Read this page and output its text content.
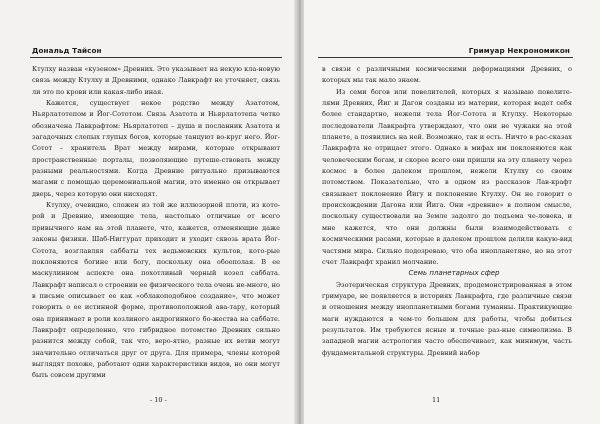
Дональд Тайсон

Ктулху назван «кузеном» Древних. Это указывает на некую кла-новую связь между Ктулху и Древними, однако Лавкрафт не уточняет, связь ли это по крови или какая-либо иная.

Кажется, существует некое родство между Азатотом, Ньярлатотепом и Йог-Сототом. Связь Азатота и Ньярлатотепа четко обозначена Лавкрафтом: Ньярлатотеп – душа и посланник Азатота и загадочных слепых глупых богов, которые танцуют во-круг него. Йог-Сотот – хранитель Врат между мирами, которые открывают пространственные порталы, позволяющие путеше-ствовать между разными реальностями. Когда Древние ритуально призываются магами с помощью церемониальной магии, это именно он открывает дверь, через которую они нисходят.

Ктулху, очевидно, сложен из той же иллюзорной плоти, из кото-рой и Древние, имеющие тела, настолько отличные от всего привычного нам на этой планете, что, кажется, отменяющие даже законы физики. Шаб-Ниггурат приходит и уходит сквозь врата Йог-Сотота, возглавляя саббаты тех ведьмовских культов, кото-рые поклоняются богине или богу, поскольку она обоеполая. В ее маскулинном аспекте она похотливый черный козел саббата. Лавкрафт написал о строении ее физического тела очень не-много, но в письме описывает ее как «облакоподобное создание», что может говорить о ее истинной форме, противоположной ава-тару, который она принимает в роли козлиного андрогинного бо-жества на саббате. Лавкрафт определенно, что гибридное потомство Древних сильно разнится между собой, так что, веро-ятно, разные их ветви могут значительно отличаться друг от друга. Для примера, члены которой выглядят похоже, работают одни характеристики видов, но они могут быть совсем другими

- 10 -
Гримуар Некрономикон

в связи с различными космическими деформациями Древних, о которых мы так мало знаем.

Из семи богов или повелителей, которых я называю повелите-лями Древних, Йиг и Дагон созданы из материи, которая ведет себя более стандартно, нежели тела Йог-Сотота и Ктулху. Некоторые последователи Лавкрафта утверждают, что они не чужаки на этой планете, а появились на ней. Возможно, так и есть. Ничто в рас-сказах Лавкрафта не отрицает этого. Однако в мифах им поклоняются как человеческим богам, и скорее всего они пришли на эту планету через космос в более далеком прошлом, нежели Ктулху со своим потомством. Показательно, что в одном из рассказов Лав-крафт связывает поклонение Йигу и поклонение Ктулху. Он не говорит о происхождении Дагона или Йига. Они «древние» в полном смысле, поскольку существовали на Земле задолго до подъема че-ловека, и мне кажется, что они должны были взаимодействовать с космическими расами, которые в далеком прошлом делили какую-вид частями мира. Сильно подозреваю, что оба инопланетяне, но на этот счет Лавкрафт хранил молчание.

Семь планетарных сфер

Эзотерическая структура Древних, продемонстрированная в этом гримуаре, не появляется в историях Лавкрафта, где различные связи и отношения между инопланетными богами туманны. Практикующие маги нуждаются в чем-то большем для работы, чтобы добиться результатов. Им требуются ясные и точные раз-ные символизма. В западной магии астрология часто обеспечивает, как минимум, часть фундаментальной структуры. Древний набор

11
